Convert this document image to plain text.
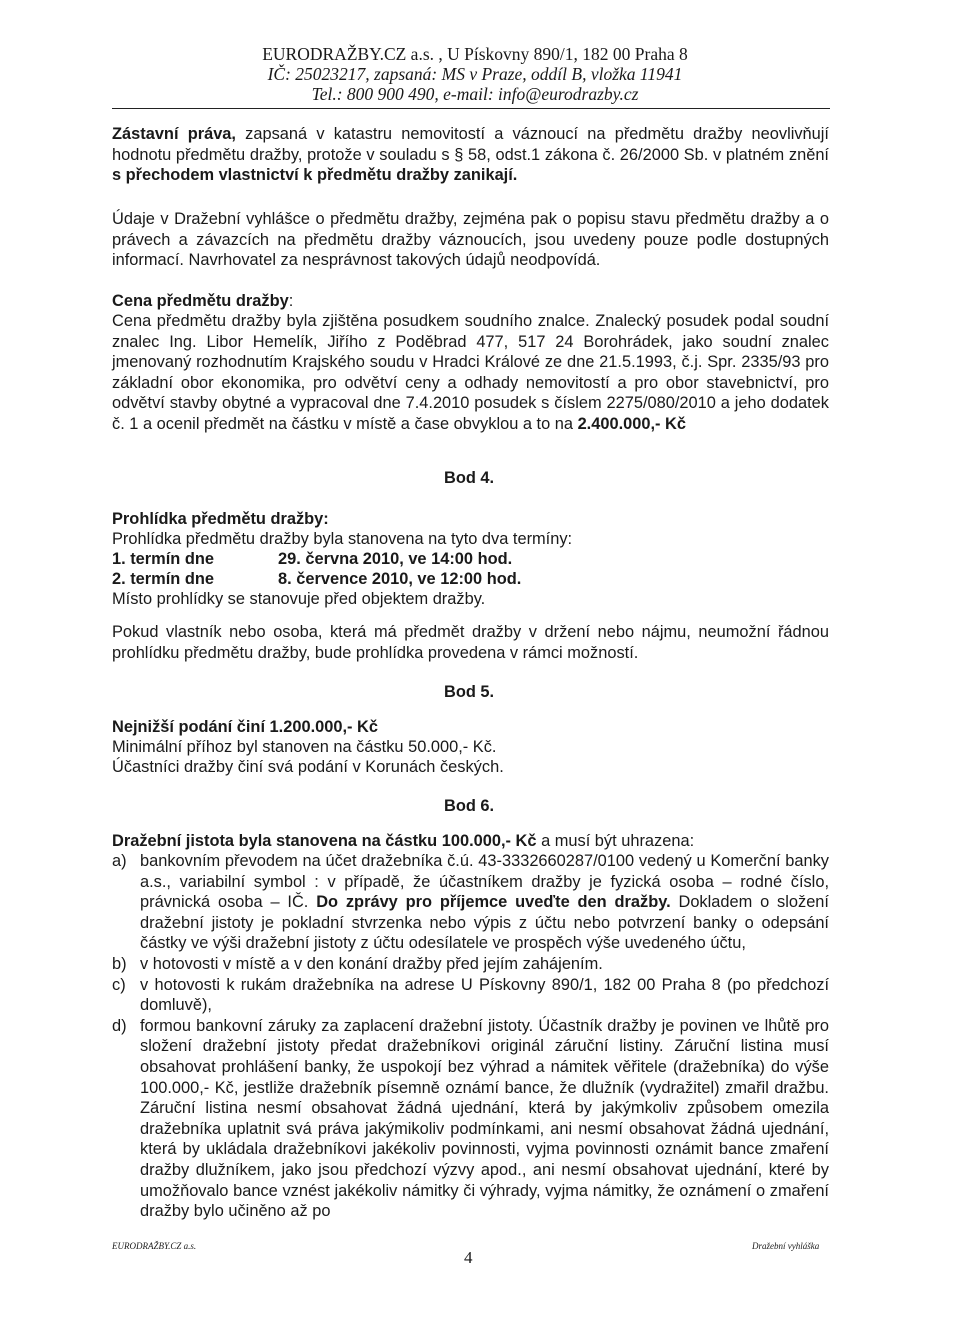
EURODRAŽBY.CZ a.s. , U Pískovny 890/1, 182 00 Praha 8
IČ: 25023217, zapsaná: MS v Praze, oddíl B, vložka 11941
Tel.: 800 900 490, e-mail: info@eurodrazby.cz
Zástavní práva, zapsaná v katastru nemovitostí a váznoucí na předmětu dražby neovlivňují hodnotu předmětu dražby, protože v souladu s § 58, odst.1 zákona č. 26/2000 Sb. v platném znění s přechodem vlastnictví k předmětu dražby zanikají.
Údaje v Dražební vyhlášce o předmětu dražby, zejména pak o popisu stavu předmětu dražby a o právech a závazcích na předmětu dražby váznoucích, jsou uvedeny pouze podle dostupných informací. Navrhovatel za nesprávnost takových údajů neodpovídá.
Cena předmětu dražby:
Cena předmětu dražby byla zjištěna posudkem soudního znalce. Znalecký posudek podal soudní znalec Ing. Libor Hemelík, Jiřího z Poděbrad 477, 517 24 Borohrádek, jako soudní znalec jmenovaný rozhodnutím Krajského soudu v Hradci Králové ze dne 21.5.1993, č.j. Spr. 2335/93 pro základní obor ekonomika, pro odvětví ceny a odhady nemovitostí a pro obor stavebnictví, pro odvětví stavby obytné a vypracoval dne 7.4.2010 posudek s číslem 2275/080/2010 a jeho dodatek č. 1 a ocenil předmět na částku v místě a čase obvyklou a to na 2.400.000,- Kč
Bod 4.
Prohlídka předmětu dražby:
Prohlídka předmětu dražby byla stanovena na tyto dva termíny:
1. termín dne	29. června 2010, ve 14:00 hod.
2. termín dne	8. července 2010, ve 12:00 hod.
Místo prohlídky se stanovuje před objektem dražby.
Pokud vlastník nebo osoba, která má předmět dražby v držení nebo nájmu, neumožní řádnou prohlídku předmětu dražby, bude prohlídka provedena v rámci možností.
Bod 5.
Nejnižší podání činí 1.200.000,- Kč
Minimální příhoz byl stanoven na částku 50.000,- Kč.
Účastníci dražby činí svá podání v Korunách českých.
Bod 6.
Dražební jistota byla stanovena na částku 100.000,- Kč a musí být uhrazena:
a) bankovním převodem na účet dražebníka č.ú. 43-3332660287/0100 vedený u Komerční banky a.s., variabilní symbol : v případě, že účastníkem dražby je fyzická osoba – rodné číslo, právnická osoba – IČ. Do zprávy pro příjemce uveďte den dražby. Dokladem o složení dražební jistoty je pokladní stvrzenka nebo výpis z účtu nebo potvrzení banky o odepsání částky ve výši dražební jistoty z účtu odesílatele ve prospěch výše uvedeného účtu,
b) v hotovosti v místě a v den konání dražby před jejím zahájením.
c) v hotovosti k rukám dražebníka na adrese U Pískovny 890/1, 182 00 Praha 8 (po předchozí domluvě),
d) formou bankovní záruky za zaplacení dražební jistoty. Účastník dražby je povinen ve lhůtě pro složení dražební jistoty předat dražebníkovi originál záruční listiny. Záruční listina musí obsahovat prohlášení banky, že uspokojí bez výhrad a námitek věřitele (dražebníka) do výše 100.000,- Kč, jestliže dražebník písemně oznámí bance, že dlužník (vydražitel) zmařil dražbu. Záruční listina nesmí obsahovat žádná ujednání, která by jakýmkoliv způsobem omezila dražebníka uplatnit svá práva jakýmikoliv podmínkami, ani nesmí obsahovat žádná ujednání, která by ukládala dražebníkovi jakékoliv povinnosti, vyjma povinnosti oznámit bance zmaření dražby dlužníkem, jako jsou předchozí výzvy apod., ani nesmí obsahovat ujednání, které by umožňovalo bance vznést jakékoliv námitky či výhrady, vyjma námitky, že oznámení o zmaření dražby bylo učiněno až po
EURODRAŽBY.CZ a.s.
4
Dražební vyhláška
